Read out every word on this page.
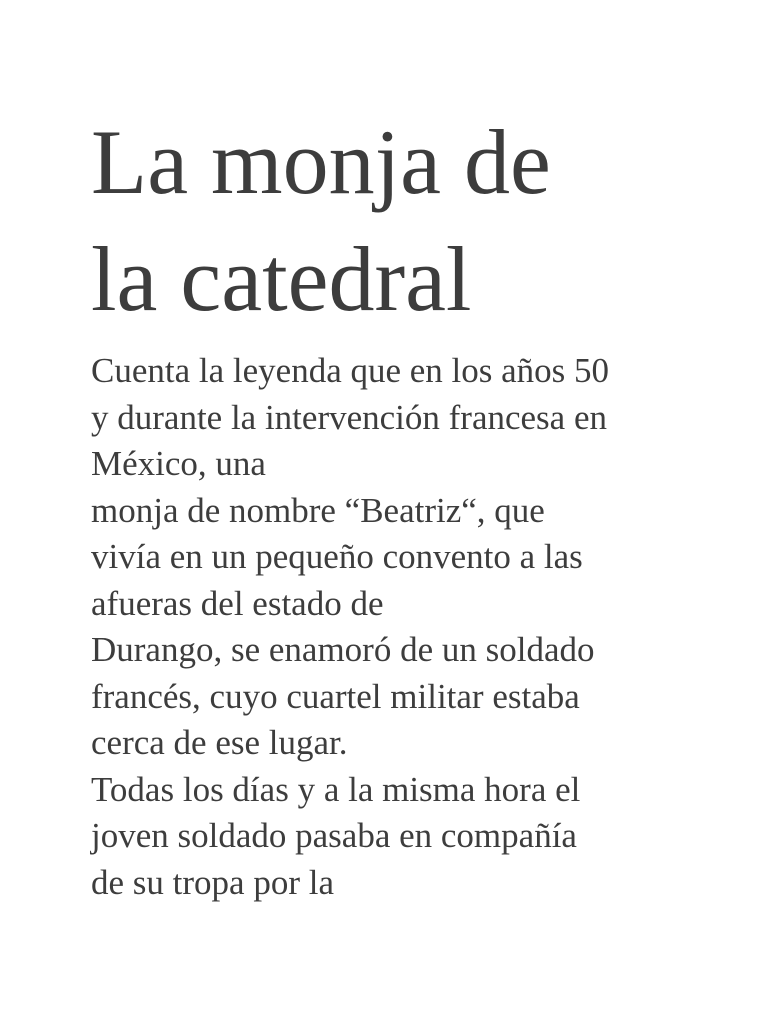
La monja de
la catedral
Cuenta la leyenda que en los años 50
y durante la intervención francesa en
México, una
monja de nombre “Beatriz“, que
vivía en un pequeño convento a las
afueras del estado de
Durango, se enamoró de un soldado
francés, cuyo cuartel militar estaba
cerca de ese lugar.
Todas los días y a la misma hora el
joven soldado pasaba en compañía
de su tropa por la
